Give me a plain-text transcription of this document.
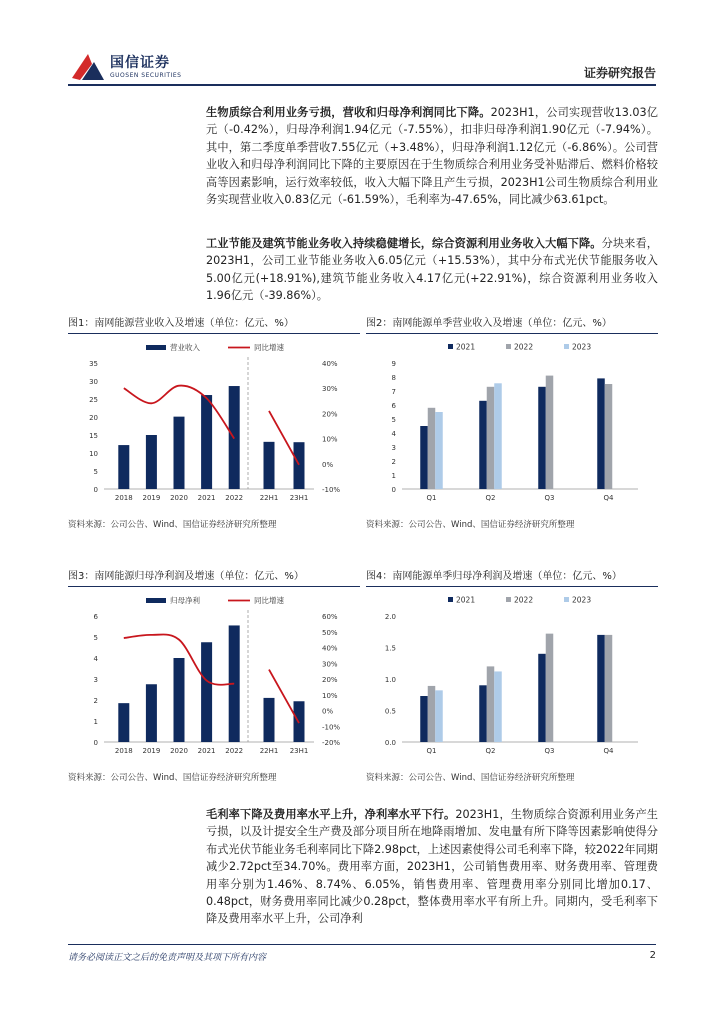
国信证券
GUOSEN SECURITIES	证券研究报告
生物质综合利用业务亏损，营收和归母净利润同比下降。2023H1，公司实现营收13.03亿元（-0.42%），归母净利润1.94亿元（-7.55%），扣非归母净利润1.90亿元（-7.94%）。其中，第二季度单季营收7.55亿元（+3.48%），归母净利润1.12亿元（-6.86%）。公司营业收入和归母净利润同比下降的主要原因在于生物质综合利用业务受补贴滞后、燃料价格较高等因素影响，运行效率较低，收入大幅下降且产生亏损，2023H1公司生物质综合利用业务实现营业收入0.83亿元（-61.59%），毛利率为-47.65%，同比减少63.61pct。
工业节能及建筑节能业务收入持续稳健增长，综合资源利用业务收入大幅下降。分块来看，2023H1，公司工业节能业务收入6.05亿元（+15.53%），其中分布式光伏节能服务收入5.00亿元(+18.91%),建筑节能业务收入4.17亿元(+22.91%)，综合资源利用业务收入1.96亿元（-39.86%）。
图1：南网能源营业收入及增速（单位：亿元、%）
0
5
10
15
20
25
30
35
-10%
0%
10%
20%
30%
40%
2018 2019 2020 2021 2022 22H1 23H1
营业收入	同比增速
资料来源：公司公告、Wind、国信证券经济研究所整理
图2：南网能源单季营业收入及增速（单位：亿元、%）
0
1
2
3
4
5
6
7
8
9
Q1	Q2	Q3	Q4
2021	2022	2023
资料来源：公司公告、Wind、国信证券经济研究所整理
图3：南网能源归母净利润及增速（单位：亿元、%）
0
1
2
3
4
5
6
-20%
-10%
0%
10%
20%
30%
40%
50%
60%
2018 2019 2020 2021 2022 22H1 23H1
归母净利	同比增速
资料来源：公司公告、Wind、国信证券经济研究所整理
图4：南网能源单季归母净利润及增速（单位：亿元、%）
0.0
0.5
1.0
1.5
2.0
Q1	Q2	Q3	Q4
2021	2022	2023
资料来源：公司公告、Wind、国信证券经济研究所整理
毛利率下降及费用率水平上升，净利率水平下行。2023H1，生物质综合资源利用业务产生亏损，以及计提安全生产费及部分项目所在地降雨增加、发电量有所下降等因素影响使得分布式光伏节能业务毛利率同比下降2.98pct，上述因素使得公司毛利率下降，较2022年同期减少2.72pct至34.70%。费用率方面，2023H1，公司销售费用率、财务费用率、管理费用率分别为1.46%、8.74%、6.05%，销售费用率、管理费用率分别同比增加0.17、0.48pct，财务费用率同比减少0.28pct，整体费用率水平有所上升。同期内，受毛利率下降及费用率水平上升，公司净利
请务必阅读正文之后的免责声明及其项下所有内容	2
